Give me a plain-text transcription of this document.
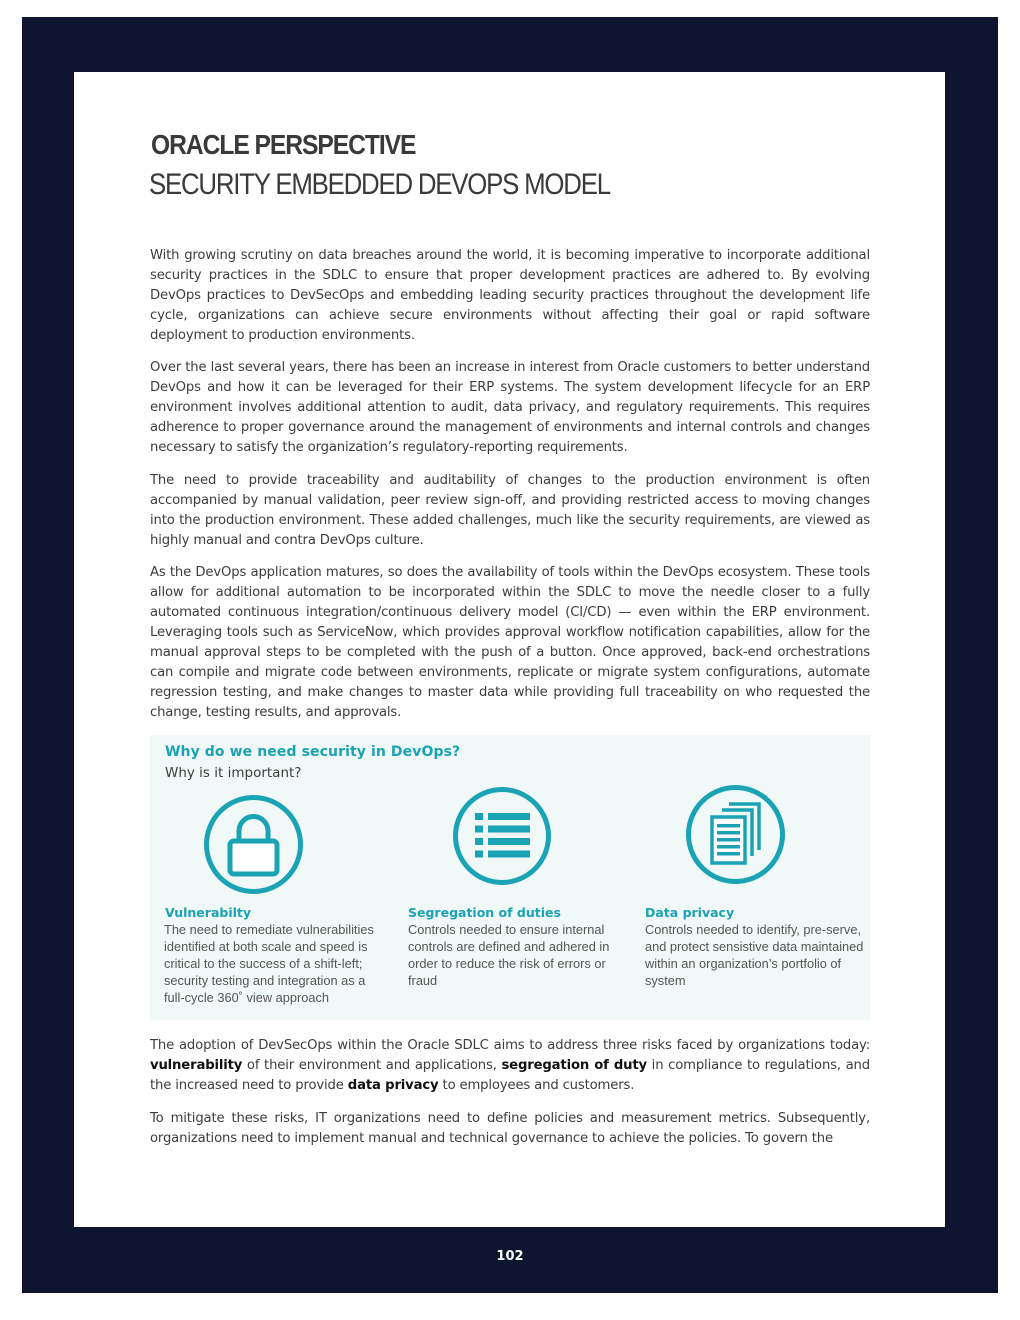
ORACLE PERSPECTIVE
SECURITY EMBEDDED DEVOPS MODEL

With growing scrutiny on data breaches around the world, it is becoming imperative to incorporate additional security practices in the SDLC to ensure that proper development practices are adhered to. By evolving DevOps practices to DevSecOps and embedding leading security practices throughout the development life cycle, organizations can achieve secure environments without affecting their goal or rapid software deployment to production environments.

Over the last several years, there has been an increase in interest from Oracle customers to better understand DevOps and how it can be leveraged for their ERP systems. The system development lifecycle for an ERP environment involves additional attention to audit, data privacy, and regulatory requirements. This requires adherence to proper governance around the management of environments and internal controls and changes necessary to satisfy the organization’s regulatory-reporting requirements.

The need to provide traceability and auditability of changes to the production environment is often accompanied by manual validation, peer review sign-off, and providing restricted access to moving changes into the production environment. These added challenges, much like the security requirements, are viewed as highly manual and contra DevOps culture.

As the DevOps application matures, so does the availability of tools within the DevOps ecosystem. These tools allow for additional automation to be incorporated within the SDLC to move the needle closer to a fully automated continuous integration/continuous delivery model (CI/CD) — even within the ERP environment. Leveraging tools such as ServiceNow, which provides approval workflow notification capabilities, allow for the manual approval steps to be completed with the push of a button. Once approved, back-end orchestrations can compile and migrate code between environments, replicate or migrate system configurations, automate regression testing, and make changes to master data while providing full traceability on who requested the change, testing results, and approvals.

Why do we need security in DevOps?

Why is it important?

Vulnerabilty

The need to remediate vulnerabilities identified at both scale and speed is critical to the success of a shift-left; security testing and integration as a full-cycle 360˚ view approach

Segregation of duties

Controls needed to ensure internal controls are defined and adhered in order to reduce the risk of errors or fraud

Data privacy

Controls needed to identify, pre-serve, and protect sensistive data maintained within an organization’s portfolio of system

The adoption of DevSecOps within the Oracle SDLC aims to address three risks faced by organizations today: vulnerability of their environment and applications, segregation of duty in compliance to regulations, and the increased need to provide data privacy to employees and customers.

To mitigate these risks, IT organizations need to define policies and measurement metrics. Subsequently, organizations need to implement manual and technical governance to achieve the policies. To govern the

102
